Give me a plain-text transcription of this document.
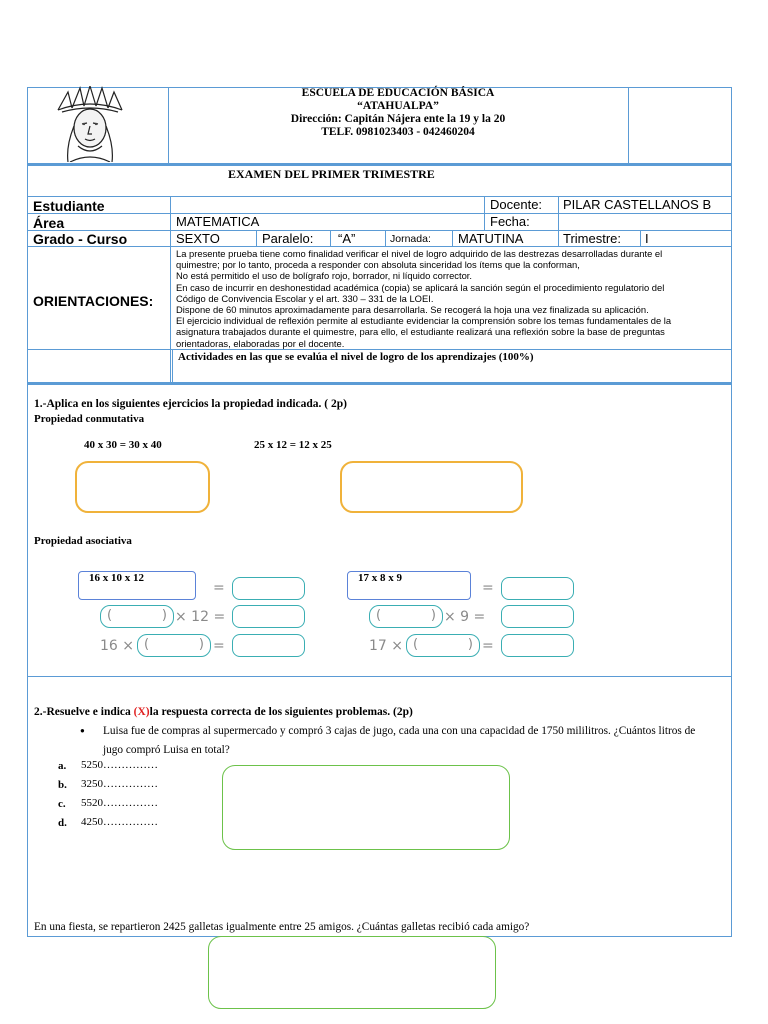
ESCUELA DE EDUCACIÓN BÁSICA
“ATAHUALPA”
Dirección: Capitán Nájera ente la 19 y la 20
TELF. 0981023403 - 042460204
EXAMEN DEL PRIMER TRIMESTRE
Estudiante	Docente: PILAR CASTELLANOS B
Área	MATEMATICA	Fecha:
Grado - Curso	SEXTO	Paralelo: “A”	Jornada: MATUTINA	Trimestre: I
ORIENTACIONES:
La presente prueba tiene como finalidad verificar el nivel de logro adquirido de las destrezas desarrolladas durante el
quimestre; por lo tanto, proceda a responder con absoluta sinceridad los ítems que la conforman,
No está permitido el uso de bolígrafo rojo, borrador, ni líquido corrector.
En caso de incurrir en deshonestidad académica (copia) se aplicará la sanción según el procedimiento regulatorio del
Código de Convivencia Escolar y el art. 330 – 331 de la LOEI.
Dispone de 60 minutos aproximadamente para desarrollarla. Se recogerá la hoja una vez finalizada su aplicación.
El ejercicio individual de reflexión permite al estudiante evidenciar la comprensión sobre los temas fundamentales de la
asignatura trabajados durante el quimestre, para ello, el estudiante realizará una reflexión sobre la base de preguntas
orientadoras, elaboradas por el docente.
Actividades en las que se evalúa el nivel de logro de los aprendizajes (100%)
1.-Aplica en los siguientes ejercicios la propiedad indicada. ( 2p)
Propiedad conmutativa
40 x 30 = 30 x 40	25 x 12 = 12 x 25
Propiedad asociativa
16 x 10 x 12
=
(	) × 12 =
16 × (	) =
17 x 8 x 9
=
(	) × 9 =
17 × (	) =
2.-Resuelve e indica (X)la respuesta correcta de los siguientes problemas. (2p)
● Luisa fue de compras al supermercado y compró 3 cajas de jugo, cada una con una capacidad de 1750 mililitros. ¿Cuántos litros de
jugo compró Luisa en total?
a. 5250……………
b. 3250……………
c. 5520……………
d. 4250……………
En una fiesta, se repartieron 2425 galletas igualmente entre 25 amigos. ¿Cuántas galletas recibió cada amigo?
